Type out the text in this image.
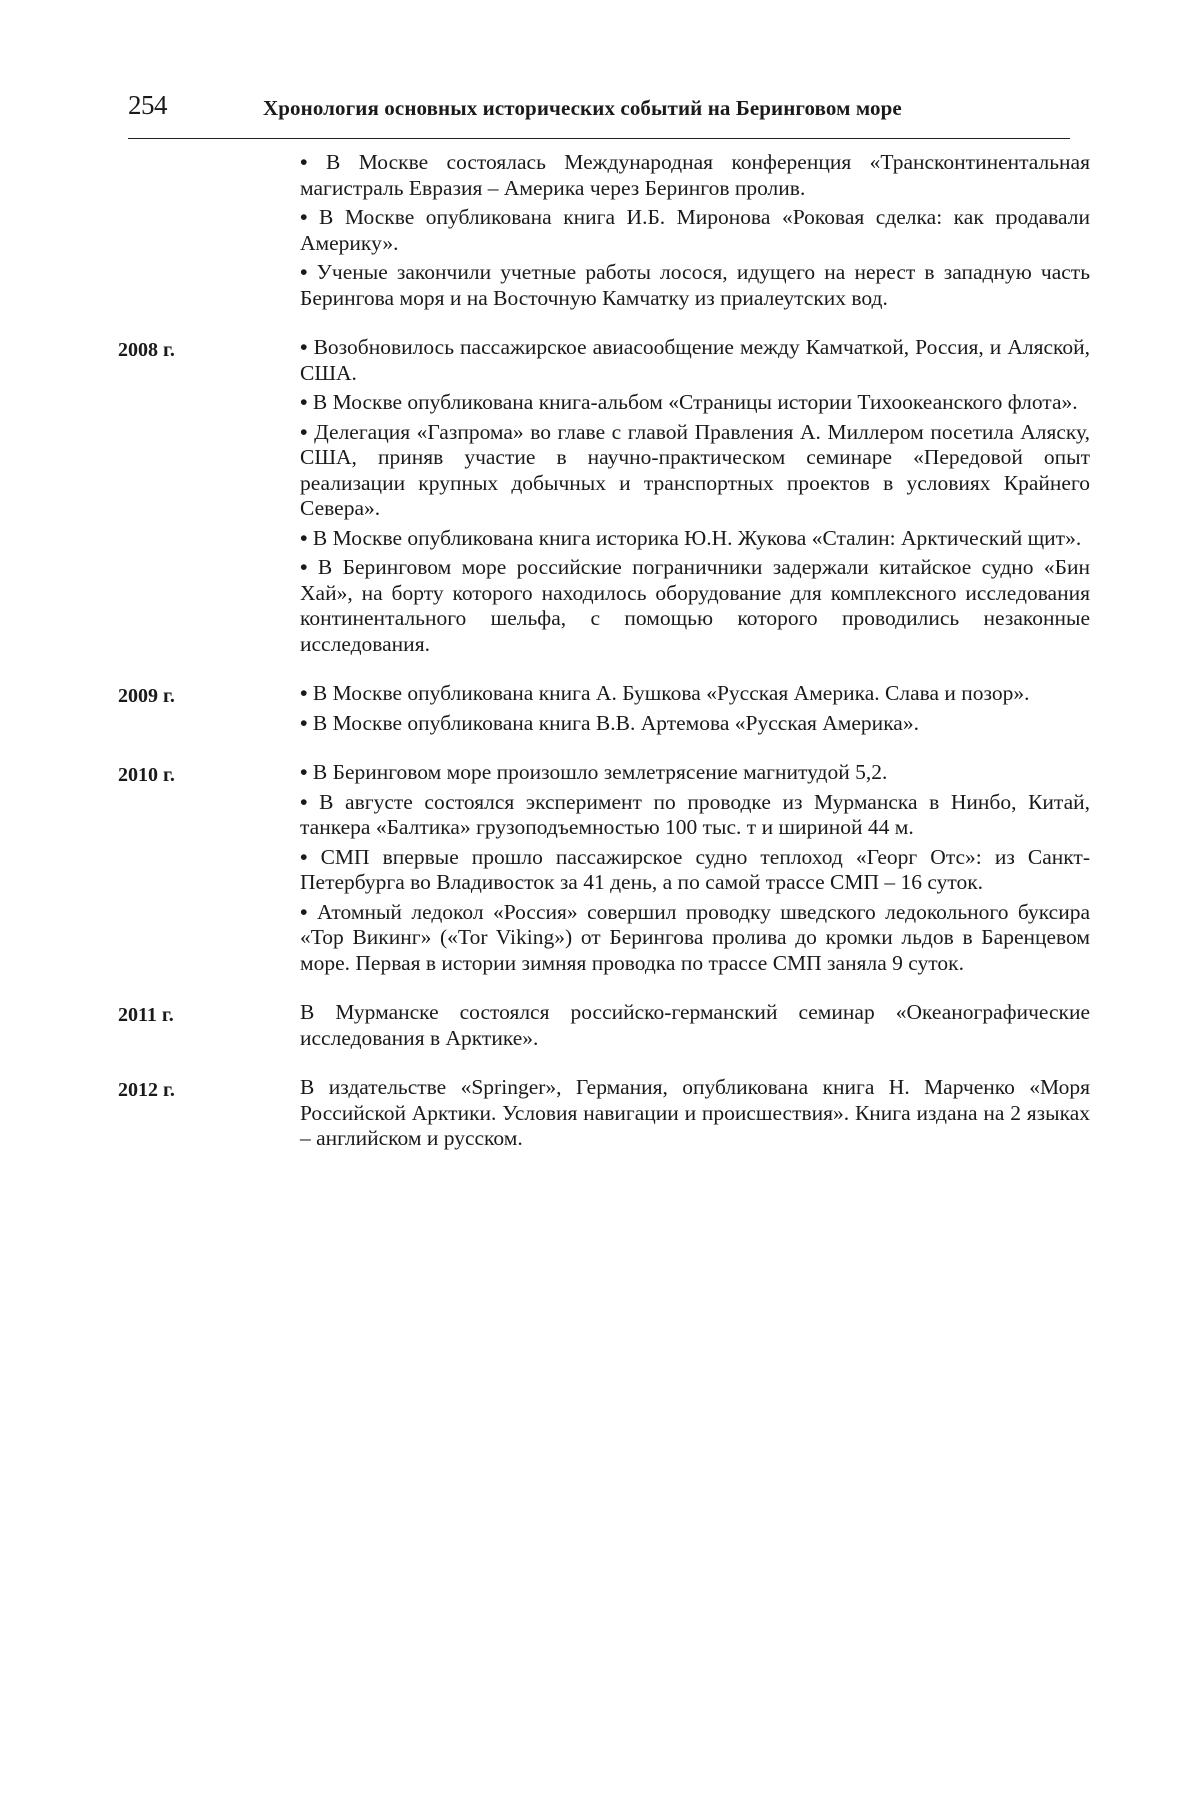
254	Хронология основных исторических событий на Беринговом море

• В Москве состоялась Международная конференция «Трансконтинентальная магистраль Евразия – Америка через Берингов пролив.

• В Москве опубликована книга И.Б. Миронова «Роковая сделка: как продавали Америку».

• Ученые закончили учетные работы лосося, идущего на нерест в западную часть Берингова моря и на Восточную Камчатку из приалеутских вод.

2008 г.	• Возобновилось пассажирское авиасообщение между Камчаткой, Россия, и Аляской, США.

• В Москве опубликована книга-альбом «Страницы истории Тихоокеанского флота».

• Делегация «Газпрома» во главе с главой Правления А. Миллером посетила Аляску, США, приняв участие в научно-практическом семинаре «Передовой опыт реализации крупных добычных и транспортных проектов в условиях Крайнего Севера».

• В Москве опубликована книга историка Ю.Н. Жукова «Сталин: Арктический щит».

• В Беринговом море российские пограничники задержали китайское судно «Бин Хай», на борту которого находилось оборудование для комплексного исследования континентального шельфа, с помощью которого проводились незаконные исследования.

2009 г.	• В Москве опубликована книга А. Бушкова «Русская Америка. Слава и позор».

• В Москве опубликована книга В.В. Артемова «Русская Америка».

2010 г.	• В Беринговом море произошло землетрясение магнитудой 5,2.

• В августе состоялся эксперимент по проводке из Мурманска в Нинбо, Китай, танкера «Балтика» грузоподъемностью 100 тыс. т и шириной 44 м.

• СМП впервые прошло пассажирское судно теплоход «Георг Отс»: из Санкт-Петербурга во Владивосток за 41 день, а по самой трассе СМП – 16 суток.

• Атомный ледокол «Россия» совершил проводку шведского ледокольного буксира «Тор Викинг» («Tor Viking») от Берингова пролива до кромки льдов в Баренцевом море. Первая в истории зимняя проводка по трассе СМП заняла 9 суток.

2011 г.	В Мурманске состоялся российско-германский семинар «Океанографические исследования в Арктике».

2012 г.	В издательстве «Springer», Германия, опубликована книга Н. Марченко «Моря Российской Арктики. Условия навигации и происшествия». Книга издана на 2 языках – английском и русском.
